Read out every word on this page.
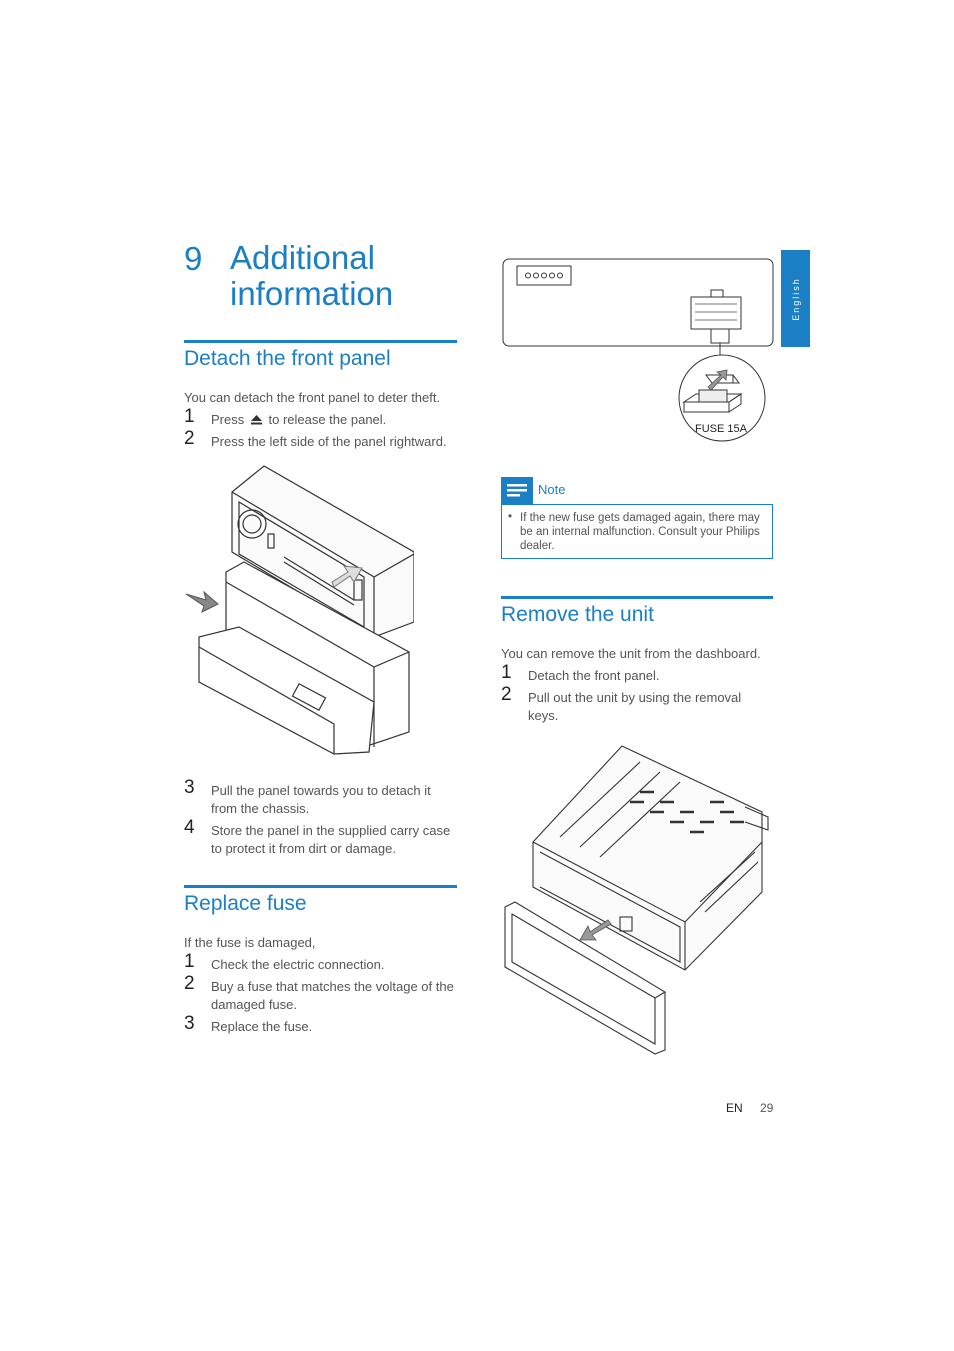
9 Additional information	English
Detach the front panel
You can detach the front panel to deter theft.
1 Press to release the panel.
2 Press the left side of the panel rightward.
3 Pull the panel towards you to detach it
from the chassis.
4 Store the panel in the supplied carry case
to protect it from dirt or damage.
Replace fuse
If the fuse is damaged,
1 Check the electric connection.
2 Buy a fuse that matches the voltage of the
damaged fuse.
3 Replace the fuse.
FUSE 15A
Note
• If the new fuse gets damaged again, there may be an internal malfunction. Consult your Philips dealer.
Remove the unit
You can remove the unit from the dashboard.
1 Detach the front panel.
2 Pull out the unit by using the removal
keys.
EN 29
